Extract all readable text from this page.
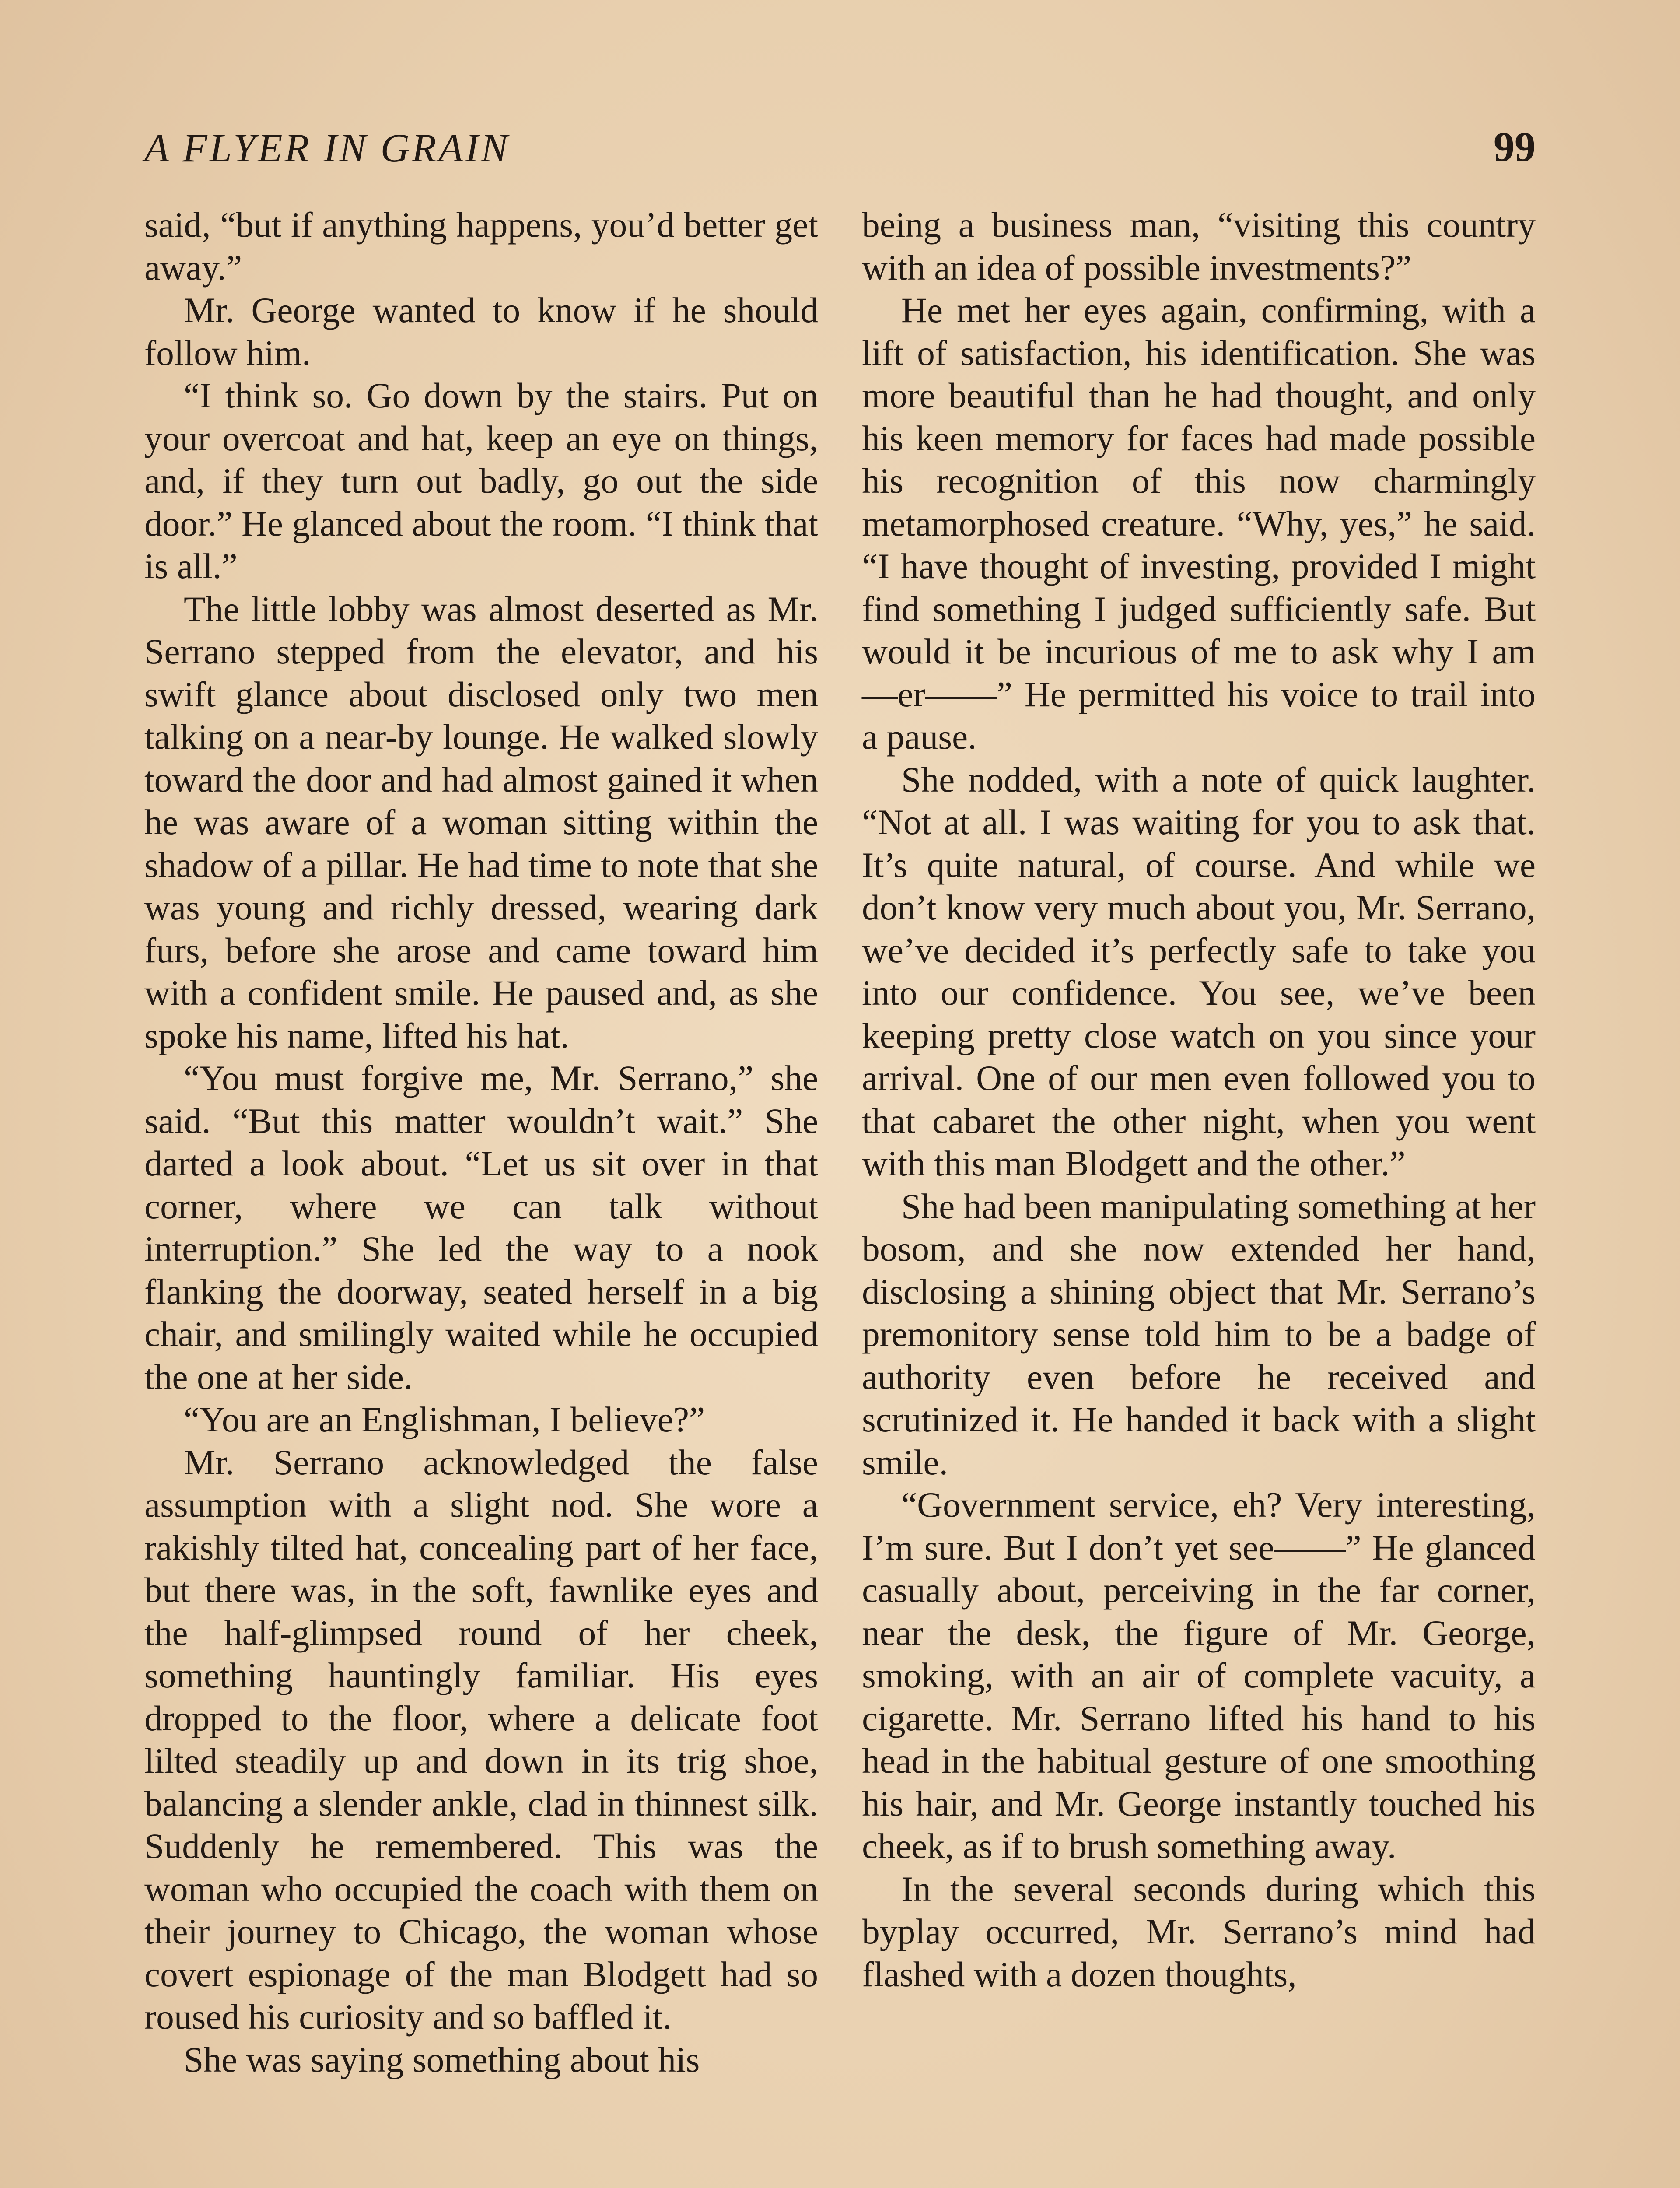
A FLYER IN GRAIN	99

said, “but if anything happens, you’d better get away.”

Mr. George wanted to know if he should follow him.

“I think so. Go down by the stairs. Put on your overcoat and hat, keep an eye on things, and, if they turn out badly, go out the side door.” He glanced about the room. “I think that is all.”

The little lobby was almost deserted as Mr. Serrano stepped from the elevator, and his swift glance about disclosed only two men talking on a near-by lounge. He walked slowly toward the door and had almost gained it when he was aware of a woman sitting within the shadow of a pillar. He had time to note that she was young and richly dressed, wearing dark furs, before she arose and came toward him with a confident smile. He paused and, as she spoke his name, lifted his hat.

“You must forgive me, Mr. Serrano,” she said. “But this matter wouldn’t wait.” She darted a look about. “Let us sit over in that corner, where we can talk without interruption.” She led the way to a nook flanking the doorway, seated herself in a big chair, and smilingly waited while he occupied the one at her side.

“You are an Englishman, I believe?”

Mr. Serrano acknowledged the false assumption with a slight nod. She wore a rakishly tilted hat, concealing part of her face, but there was, in the soft, fawnlike eyes and the half-glimpsed round of her cheek, something hauntingly familiar. His eyes dropped to the floor, where a delicate foot lilted steadily up and down in its trig shoe, balancing a slender ankle, clad in thinnest silk. Suddenly he remembered. This was the woman who occupied the coach with them on their journey to Chicago, the woman whose covert espionage of the man Blodgett had so roused his curiosity and so baffled it.

She was saying something about his

being a business man, “visiting this country with an idea of possible investments?”

He met her eyes again, confirming, with a lift of satisfaction, his identification. She was more beautiful than he had thought, and only his keen memory for faces had made possible his recognition of this now charmingly metamorphosed creature. “Why, yes,” he said. “I have thought of investing, provided I might find something I judged sufficiently safe. But would it be incurious of me to ask why I am —er——” He permitted his voice to trail into a pause.

She nodded, with a note of quick laughter. “Not at all. I was waiting for you to ask that. It’s quite natural, of course. And while we don’t know very much about you, Mr. Serrano, we’ve decided it’s perfectly safe to take you into our confidence. You see, we’ve been keeping pretty close watch on you since your arrival. One of our men even followed you to that cabaret the other night, when you went with this man Blodgett and the other.”

She had been manipulating something at her bosom, and she now extended her hand, disclosing a shining object that Mr. Serrano’s premonitory sense told him to be a badge of authority even before he received and scrutinized it. He handed it back with a slight smile.

“Government service, eh? Very interesting, I’m sure. But I don’t yet see——” He glanced casually about, perceiving in the far corner, near the desk, the figure of Mr. George, smoking, with an air of complete vacuity, a cigarette. Mr. Serrano lifted his hand to his head in the habitual gesture of one smoothing his hair, and Mr. George instantly touched his cheek, as if to brush something away.

In the several seconds during which this byplay occurred, Mr. Serrano’s mind had flashed with a dozen thoughts,
